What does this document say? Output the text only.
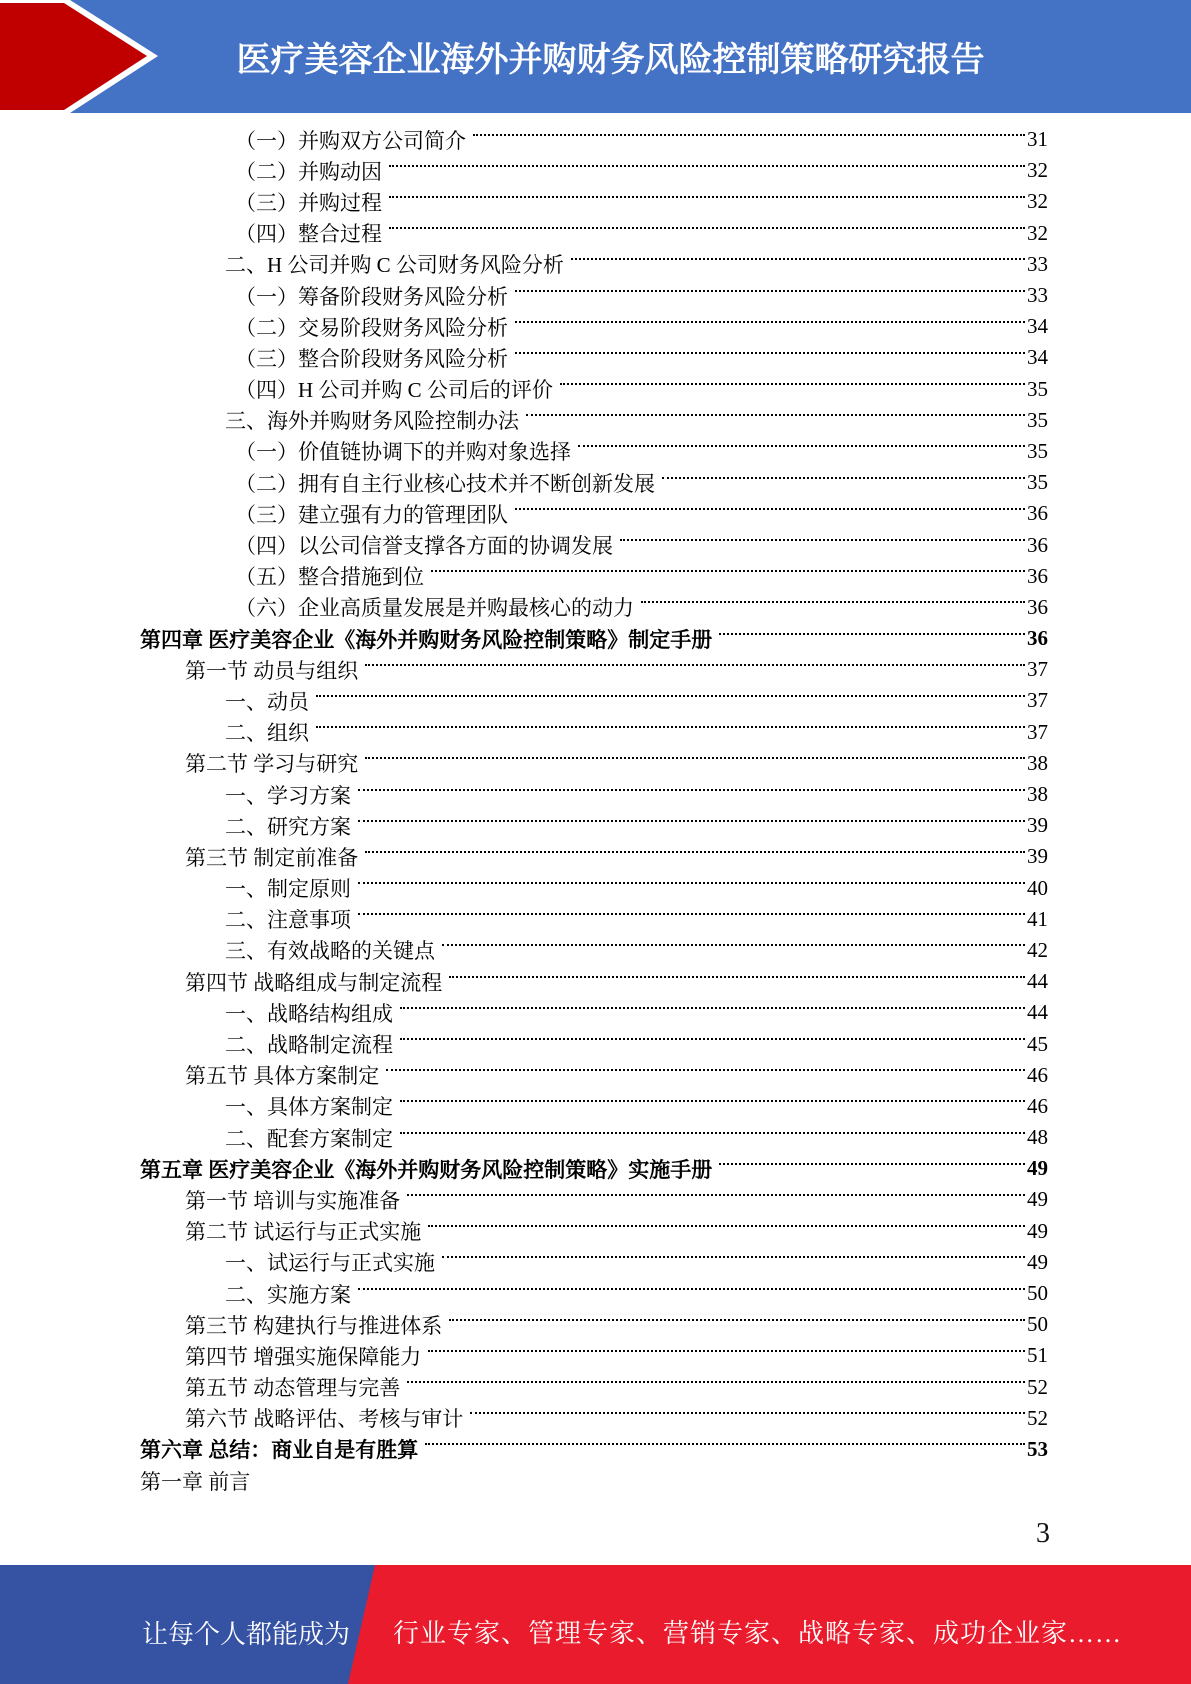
医疗美容企业海外并购财务风险控制策略研究报告
（一）并购双方公司简介	31
（二）并购动因	32
（三）并购过程	32
（四）整合过程	32
二、H 公司并购 C 公司财务风险分析	33
（一）筹备阶段财务风险分析	33
（二）交易阶段财务风险分析	34
（三）整合阶段财务风险分析	34
（四）H 公司并购 C 公司后的评价	35
三、海外并购财务风险控制办法	35
（一）价值链协调下的并购对象选择	35
（二）拥有自主行业核心技术并不断创新发展	35
（三）建立强有力的管理团队	36
（四）以公司信誉支撑各方面的协调发展	36
（五）整合措施到位	36
（六）企业高质量发展是并购最核心的动力	36
第四章 医疗美容企业《海外并购财务风险控制策略》制定手册	36
第一节 动员与组织	37
一、动员	37
二、组织	37
第二节 学习与研究	38
一、学习方案	38
二、研究方案	39
第三节 制定前准备	39
一、制定原则	40
二、注意事项	41
三、有效战略的关键点	42
第四节 战略组成与制定流程	44
一、战略结构组成	44
二、战略制定流程	45
第五节 具体方案制定	46
一、具体方案制定	46
二、配套方案制定	48
第五章 医疗美容企业《海外并购财务风险控制策略》实施手册	49
第一节 培训与实施准备	49
第二节 试运行与正式实施	49
一、试运行与正式实施	49
二、实施方案	50
第三节 构建执行与推进体系	50
第四节 增强实施保障能力	51
第五节 动态管理与完善	52
第六节 战略评估、考核与审计	52
第六章 总结：商业自是有胜算	53
第一章 前言
3
让每个人都能成为 行业专家、管理专家、营销专家、战略专家、成功企业家……
